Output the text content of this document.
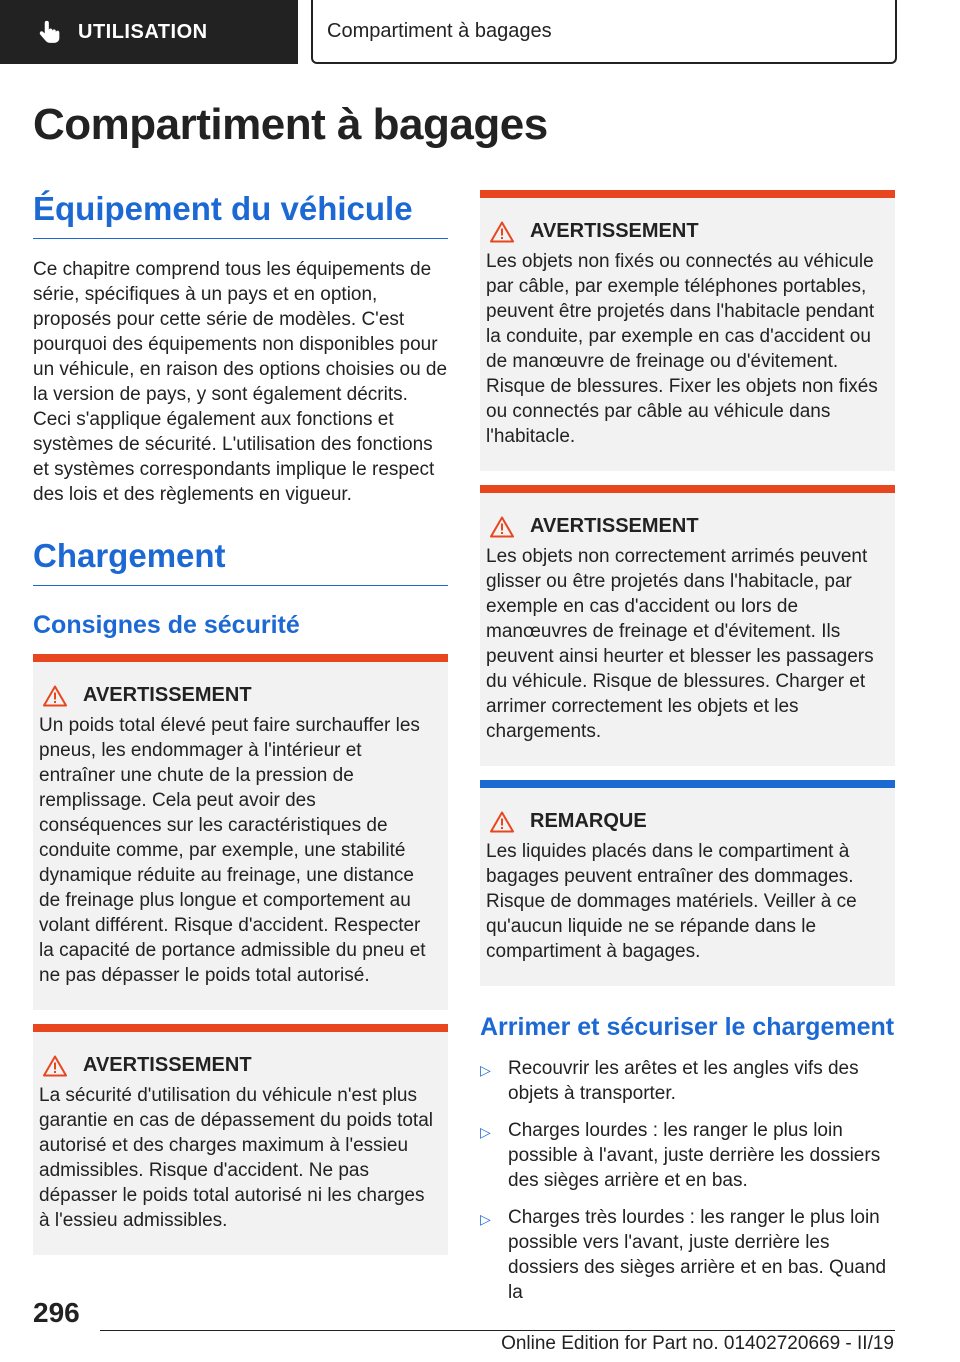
UTILISATION	Compartiment à bagages
Compartiment à bagages
Équipement du véhicule

Ce chapitre comprend tous les équipements de série, spécifiques à un pays et en option, proposés pour cette série de modèles. C'est pourquoi des équipements non disponibles pour un véhicule, en raison des options choisies ou de la version de pays, y sont également décrits. Ceci s'applique également aux fonctions et systèmes de sécurité. L'utilisation des fonctions et systèmes correspondants implique le respect des lois et des règlements en vigueur.

Chargement
Consignes de sécurité
AVERTISSEMENT

Un poids total élevé peut faire surchauffer les pneus, les endommager à l'intérieur et entraîner une chute de la pression de remplissage. Cela peut avoir des conséquences sur les caractéristiques de conduite comme, par exemple, une stabilité dynamique réduite au freinage, une distance de freinage plus longue et comportement au volant différent. Risque d'accident. Respecter la capacité de portance admissible du pneu et ne pas dépasser le poids total autorisé.

AVERTISSEMENT

La sécurité d'utilisation du véhicule n'est plus garantie en cas de dépassement du poids total autorisé et des charges maximum à l'essieu admissibles. Risque d'accident. Ne pas dépasser le poids total autorisé ni les charges à l'essieu admissibles.

AVERTISSEMENT

Les objets non fixés ou connectés au véhicule par câble, par exemple téléphones portables, peuvent être projetés dans l'habitacle pendant la conduite, par exemple en cas d'accident ou de manœuvre de freinage ou d'évitement. Risque de blessures. Fixer les objets non fixés ou connectés par câble au véhicule dans l'habitacle.

AVERTISSEMENT

Les objets non correctement arrimés peuvent glisser ou être projetés dans l'habitacle, par exemple en cas d'accident ou lors de manœuvres de freinage et d'évitement. Ils peuvent ainsi heurter et blesser les passagers du véhicule. Risque de blessures. Charger et arrimer correctement les objets et les chargements.

REMARQUE

Les liquides placés dans le compartiment à bagages peuvent entraîner des dommages. Risque de dommages matériels. Veiller à ce qu'aucun liquide ne se répande dans le compartiment à bagages.

Arrimer et sécuriser le chargement
▷ Recouvrir les arêtes et les angles vifs des objets à transporter.
▷ Charges lourdes : les ranger le plus loin possible à l'avant, juste derrière les dossiers des sièges arrière et en bas.
▷ Charges très lourdes : les ranger le plus loin possible vers l'avant, juste derrière les dossiers des sièges arrière et en bas. Quand la
296
Online Edition for Part no. 01402720669 - II/19
